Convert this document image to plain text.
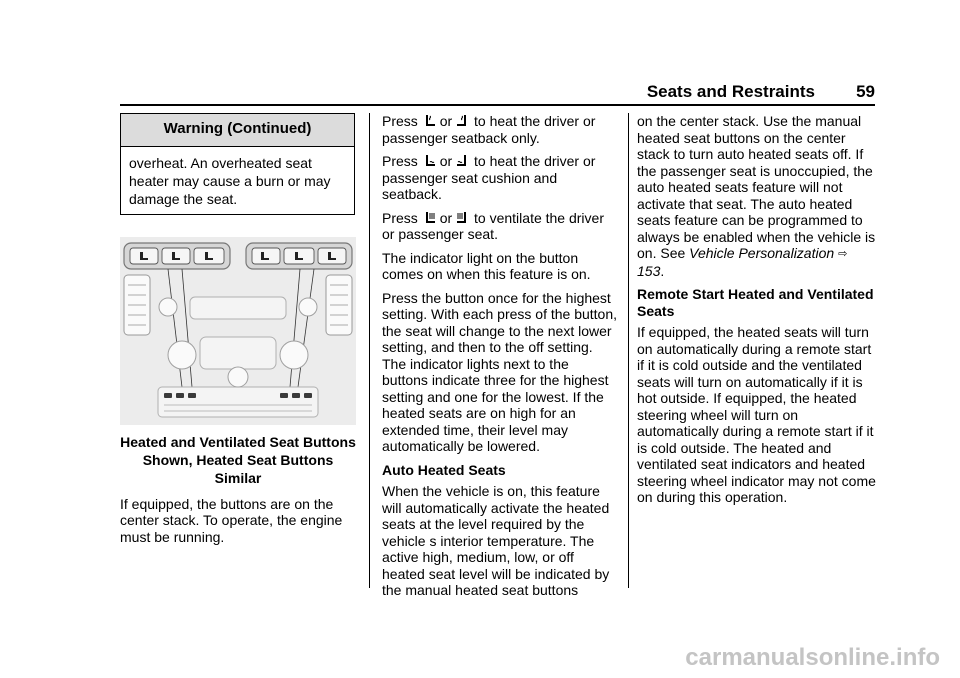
Seats and Restraints 59
Warning (Continued)
overheat. An overheated seat heater may cause a burn or may damage the seat.
Heated and Ventilated Seat Buttons Shown, Heated Seat Buttons Similar

If equipped, the buttons are on the center stack. To operate, the engine must be running.

Press or to heat the driver or passenger seatback only.

Press or to heat the driver or passenger seat cushion and seatback.

Press or to ventilate the driver or passenger seat.

The indicator light on the button comes on when this feature is on.

Press the button once for the highest setting. With each press of the button, the seat will change to the next lower setting, and then to the off setting. The indicator lights next to the buttons indicate three for the highest setting and one for the lowest. If the heated seats are on high for an extended time, their level may automatically be lowered.

Auto Heated Seats

When the vehicle is on, this feature will automatically activate the heated seats at the level required by the vehicle s interior temperature. The active high, medium, low, or off heated seat level will be indicated by the manual heated seat buttons

on the center stack. Use the manual heated seat buttons on the center stack to turn auto heated seats off. If the passenger seat is unoccupied, the auto heated seats feature will not activate that seat. The auto heated seats feature can be programmed to always be enabled when the vehicle is on. See Vehicle Personalization ⇨ 153.

Remote Start Heated and Ventilated Seats

If equipped, the heated seats will turn on automatically during a remote start if it is cold outside and the ventilated seats will turn on automatically if it is hot outside. If equipped, the heated steering wheel will turn on automatically during a remote start if it is cold outside. The heated and ventilated seat indicators and heated steering wheel indicator may not come on during this operation.

carmanualsonline.info
